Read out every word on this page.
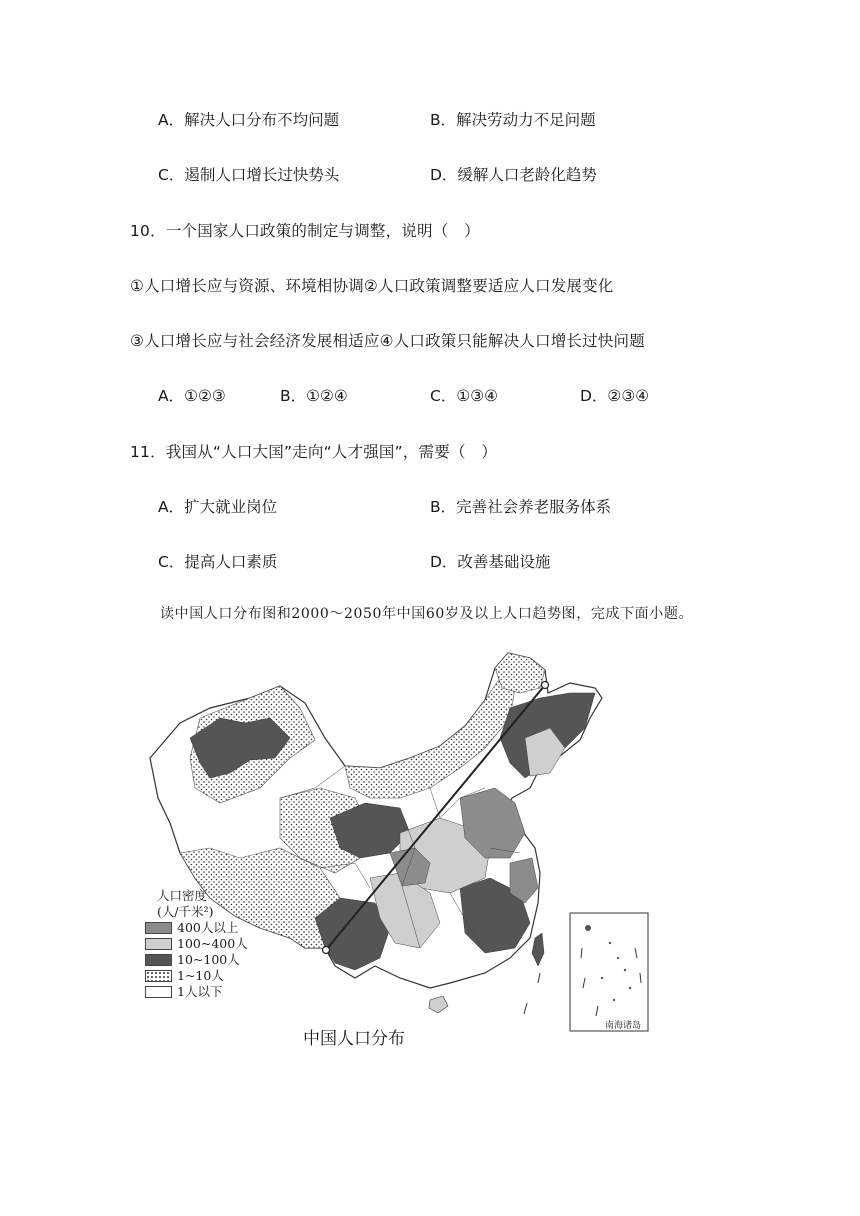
A．解决人口分布不均问题	B．解决劳动力不足问题
C．遏制人口增长过快势头	D．缓解人口老龄化趋势
10．一个国家人口政策的制定与调整，说明（　）
①人口增长应与资源、环境相协调②人口政策调整要适应人口发展变化
③人口增长应与社会经济发展相适应④人口政策只能解决人口增长过快问题
A．①②③	B．①②④	C．①③④	D．②③④
11．我国从“人口大国”走向“人才强国”，需要（　）
A．扩大就业岗位	B．完善社会养老服务体系
C．提高人口素质	D．改善基础设施
读中国人口分布图和2000～2050年中国60岁及以上人口趋势图，完成下面小题。
人口密度
(人/千米²)
400人以上
100~400人
10~100人
1~10人
1人以下
南海诸岛
中国人口分布
